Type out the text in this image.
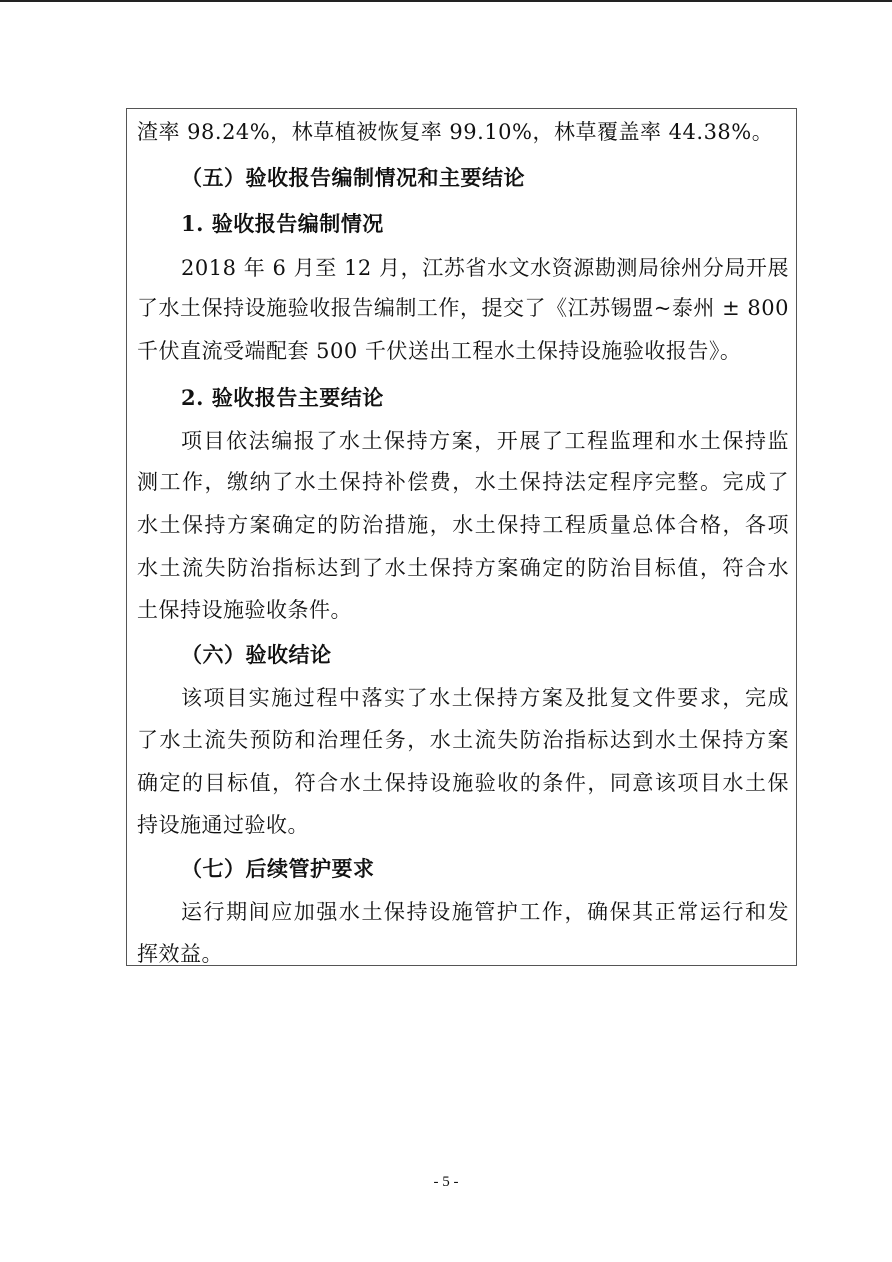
渣率 98.24%，林草植被恢复率 99.10%，林草覆盖率 44.38%。
（五）验收报告编制情况和主要结论
1. 验收报告编制情况
2018 年 6 月至 12 月，江苏省水文水资源勘测局徐州分局开展
了水土保持设施验收报告编制工作，提交了《江苏锡盟~泰州 ± 800
千伏直流受端配套 500 千伏送出工程水土保持设施验收报告》。
2. 验收报告主要结论
项目依法编报了水土保持方案，开展了工程监理和水土保持监
测工作，缴纳了水土保持补偿费，水土保持法定程序完整。完成了
水土保持方案确定的防治措施，水土保持工程质量总体合格，各项
水土流失防治指标达到了水土保持方案确定的防治目标值，符合水
土保持设施验收条件。
（六）验收结论
该项目实施过程中落实了水土保持方案及批复文件要求，完成
了水土流失预防和治理任务，水土流失防治指标达到水土保持方案
确定的目标值，符合水土保持设施验收的条件，同意该项目水土保
持设施通过验收。
（七）后续管护要求
运行期间应加强水土保持设施管护工作，确保其正常运行和发
挥效益。
- 5 -
